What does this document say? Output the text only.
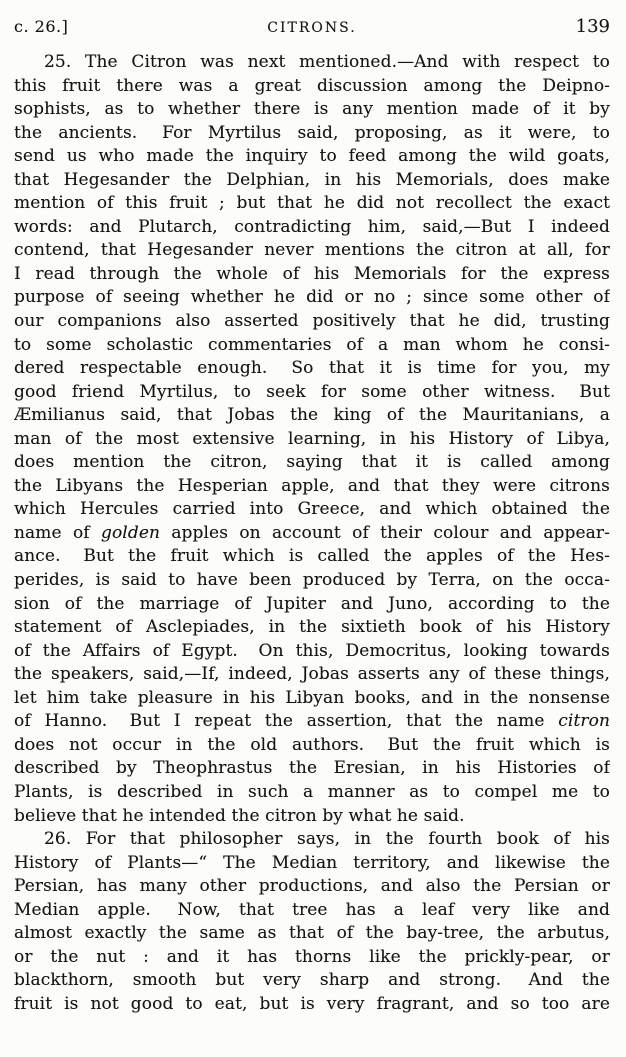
c. 26.]	CITRONS.	139
25. The Citron was next mentioned.—And with respect to
this fruit there was a great discussion among the Deipno-
sophists, as to whether there is any mention made of it by
the ancients.  For Myrtilus said, proposing, as it were, to
send us who made the inquiry to feed among the wild goats,
that Hegesander the Delphian, in his Memorials, does make
mention of this fruit ; but that he did not recollect the exact
words: and Plutarch, contradicting him, said,—But I indeed
contend, that Hegesander never mentions the citron at all, for
I read through the whole of his Memorials for the express
purpose of seeing whether he did or no ; since some other of
our companions also asserted positively that he did, trusting
to some scholastic commentaries of a man whom he consi-
dered respectable enough.  So that it is time for you, my
good friend Myrtilus, to seek for some other witness.  But
Æmilianus said, that Jobas the king of the Mauritanians, a
man of the most extensive learning, in his History of Libya,
does mention the citron, saying that it is called among
the Libyans the Hesperian apple, and that they were citrons
which Hercules carried into Greece, and which obtained the
name of golden apples on account of their colour and appear-
ance.  But the fruit which is called the apples of the Hes-
perides, is said to have been produced by Terra, on the occa-
sion of the marriage of Jupiter and Juno, according to the
statement of Asclepiades, in the sixtieth book of his History
of the Affairs of Egypt.  On this, Democritus, looking towards
the speakers, said,—If, indeed, Jobas asserts any of these things,
let him take pleasure in his Libyan books, and in the nonsense
of Hanno.  But I repeat the assertion, that the name citron
does not occur in the old authors.  But the fruit which is
described by Theophrastus the Eresian, in his Histories of
Plants, is described in such a manner as to compel me to
believe that he intended the citron by what he said.
26. For that philosopher says, in the fourth book of his
History of Plants—“ The Median territory, and likewise the
Persian, has many other productions, and also the Persian or
Median apple.  Now, that tree has a leaf very like and
almost exactly the same as that of the bay-tree, the arbutus,
or the nut : and it has thorns like the prickly-pear, or
blackthorn, smooth but very sharp and strong.  And the
fruit is not good to eat, but is very fragrant, and so too are
